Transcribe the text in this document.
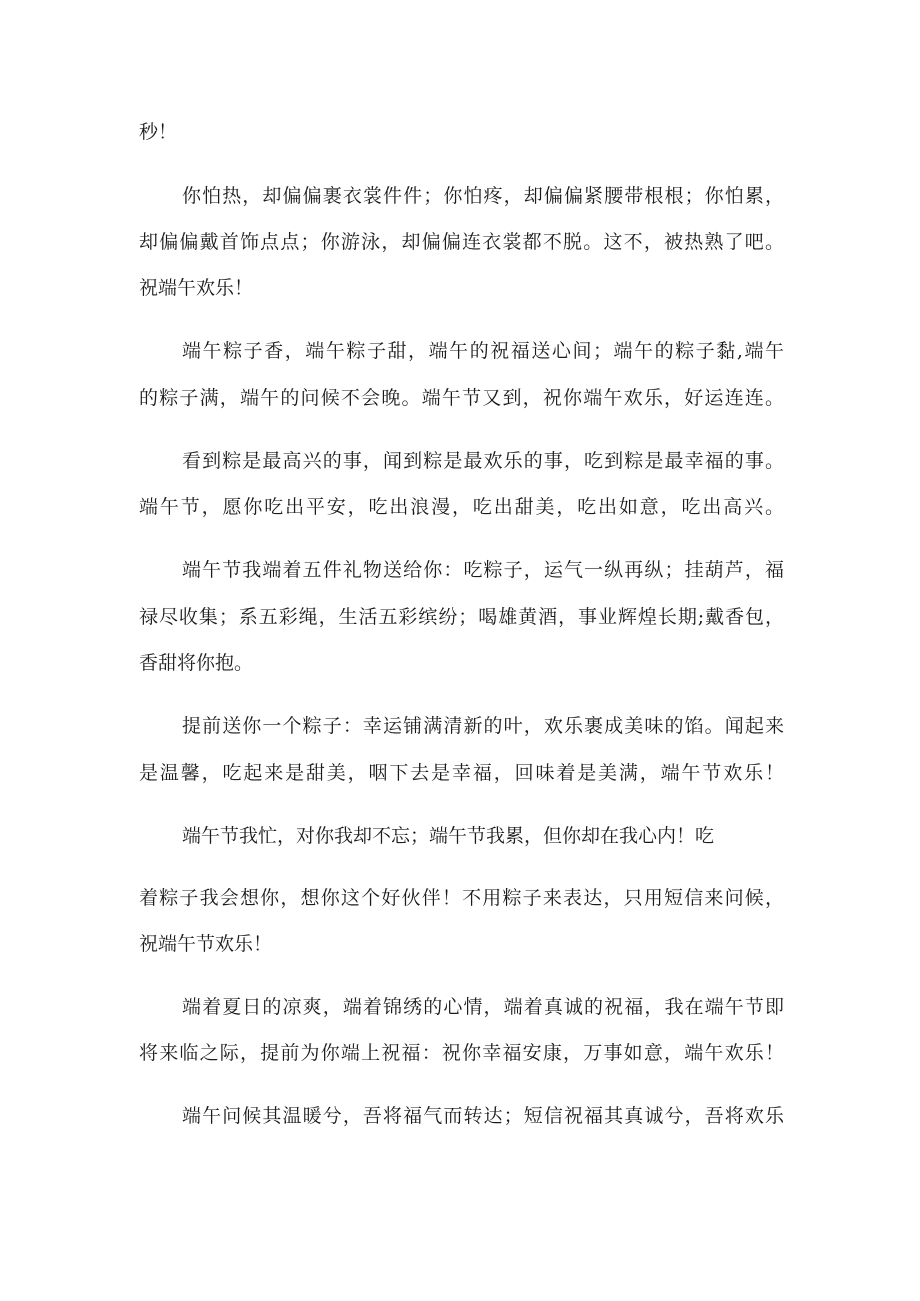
秒！
你怕热，却偏偏裹衣裳件件；你怕疼，却偏偏紧腰带根根；你怕累，
却偏偏戴首饰点点；你游泳，却偏偏连衣裳都不脱。这不，被热熟了吧。
祝端午欢乐！
端午粽子香，端午粽子甜，端午的祝福送心间；端午的粽子黏,端午
的粽子满，端午的问候不会晚。端午节又到，祝你端午欢乐，好运连连。
看到粽是最高兴的事，闻到粽是最欢乐的事，吃到粽是最幸福的事。
端午节，愿你吃出平安，吃出浪漫，吃出甜美，吃出如意，吃出高兴。
端午节我端着五件礼物送给你：吃粽子，运气一纵再纵；挂葫芦，福
禄尽收集；系五彩绳，生活五彩缤纷；喝雄黄酒，事业辉煌长期;戴香包，
香甜将你抱。
提前送你一个粽子：幸运铺满清新的叶，欢乐裹成美味的馅。闻起来
是温馨，吃起来是甜美，咽下去是幸福，回味着是美满，端午节欢乐！
端午节我忙，对你我却不忘；端午节我累，但你却在我心内！吃
着粽子我会想你，想你这个好伙伴！不用粽子来表达，只用短信来问候，
祝端午节欢乐！
端着夏日的凉爽，端着锦绣的心情，端着真诚的祝福，我在端午节即
将来临之际，提前为你端上祝福：祝你幸福安康，万事如意，端午欢乐！
端午问候其温暖兮，吾将福气而转达；短信祝福其真诚兮，吾将欢乐
